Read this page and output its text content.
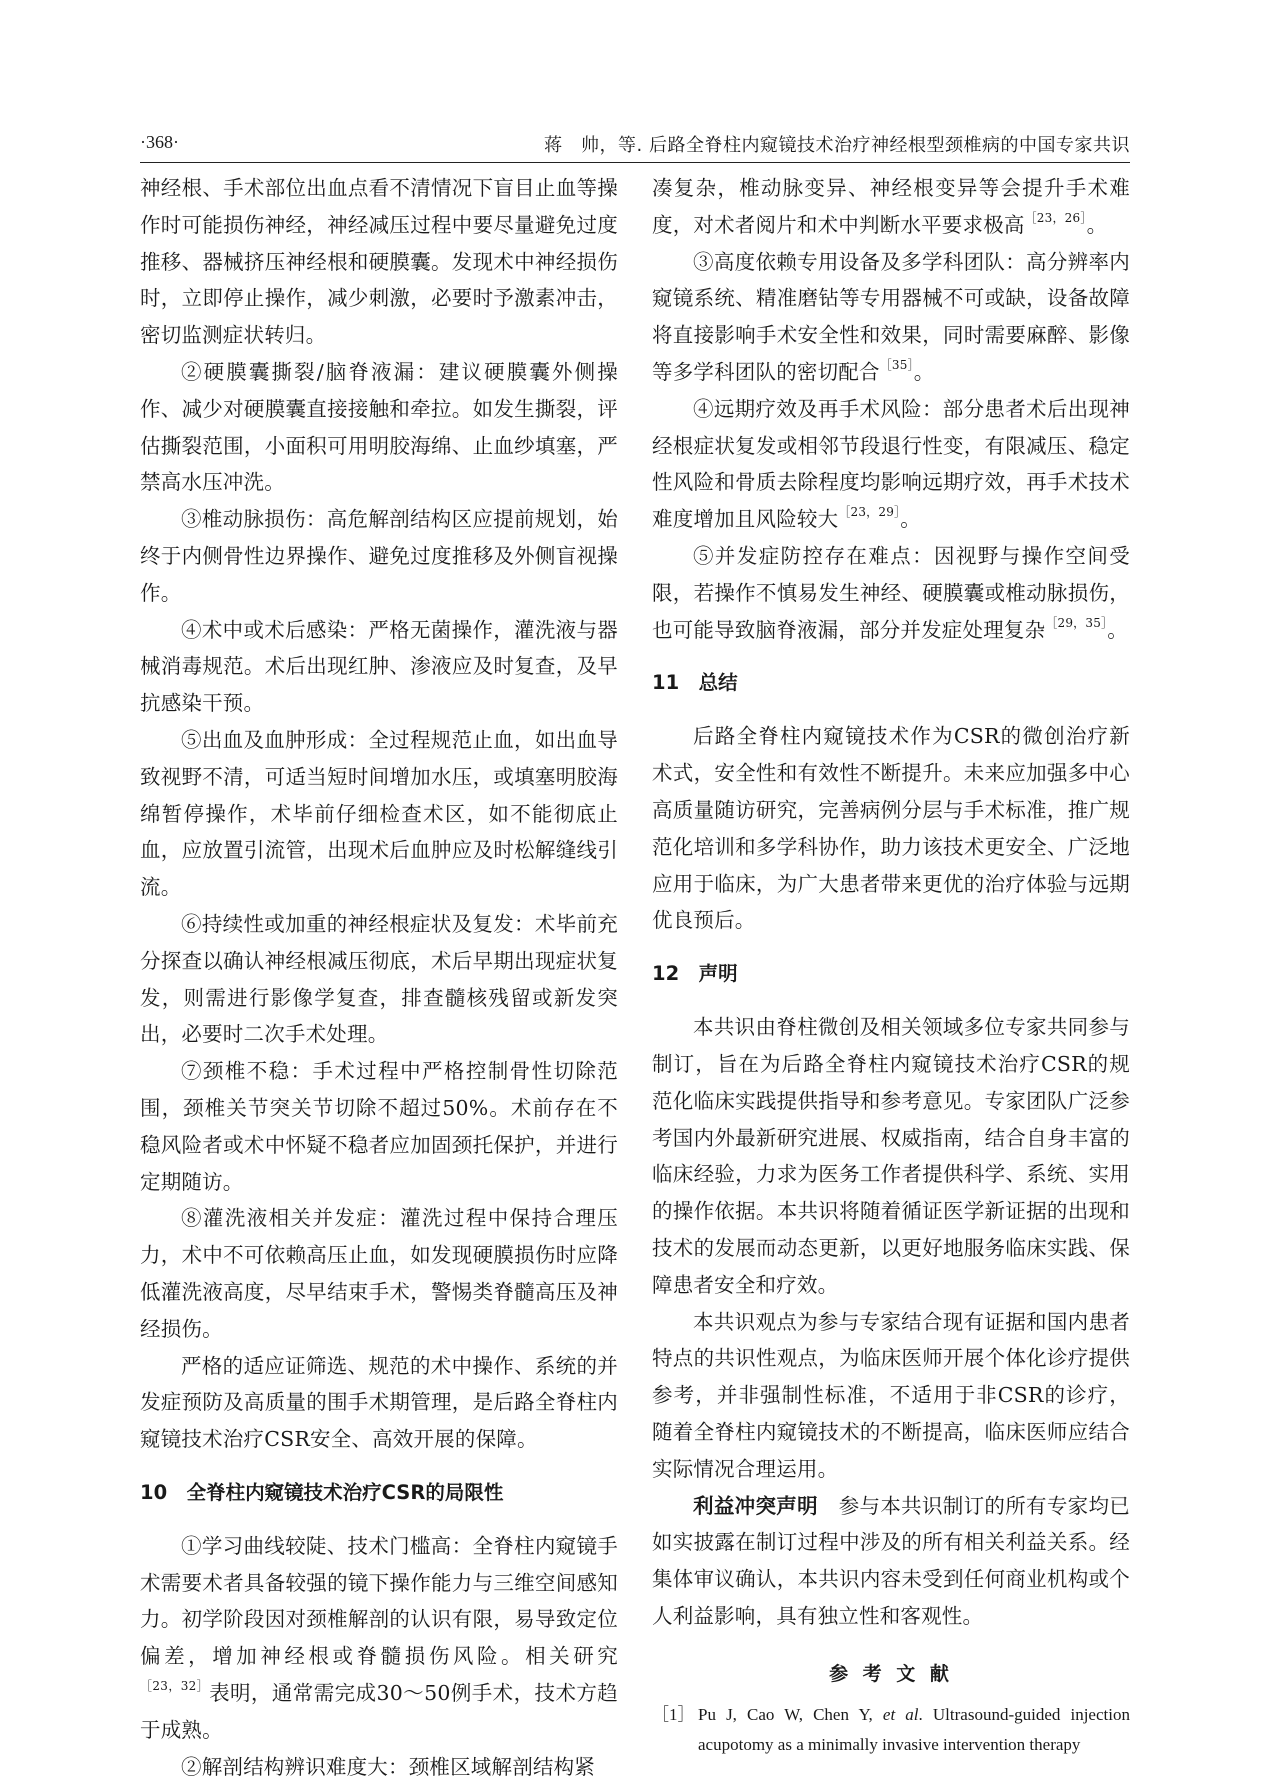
·368·	蒋　帅，等. 后路全脊柱内窥镜技术治疗神经根型颈椎病的中国专家共识

神经根、手术部位出血点看不清情况下盲目止血等操作时可能损伤神经，神经减压过程中要尽量避免过度推移、器械挤压神经根和硬膜囊。发现术中神经损伤时，立即停止操作，减少刺激，必要时予激素冲击，密切监测症状转归。

②硬膜囊撕裂/脑脊液漏：建议硬膜囊外侧操作、减少对硬膜囊直接接触和牵拉。如发生撕裂，评估撕裂范围，小面积可用明胶海绵、止血纱填塞，严禁高水压冲洗。

③椎动脉损伤：高危解剖结构区应提前规划，始终于内侧骨性边界操作、避免过度推移及外侧盲视操作。

④术中或术后感染：严格无菌操作，灌洗液与器械消毒规范。术后出现红肿、渗液应及时复查，及早抗感染干预。

⑤出血及血肿形成：全过程规范止血，如出血导致视野不清，可适当短时间增加水压，或填塞明胶海绵暂停操作，术毕前仔细检查术区，如不能彻底止血，应放置引流管，出现术后血肿应及时松解缝线引流。

⑥持续性或加重的神经根症状及复发：术毕前充分探查以确认神经根减压彻底，术后早期出现症状复发，则需进行影像学复查，排查髓核残留或新发突出，必要时二次手术处理。

⑦颈椎不稳：手术过程中严格控制骨性切除范围，颈椎关节突关节切除不超过50%。术前存在不稳风险者或术中怀疑不稳者应加固颈托保护，并进行定期随访。

⑧灌洗液相关并发症：灌洗过程中保持合理压力，术中不可依赖高压止血，如发现硬膜损伤时应降低灌洗液高度，尽早结束手术，警惕类脊髓高压及神经损伤。

严格的适应证筛选、规范的术中操作、系统的并发症预防及高质量的围手术期管理，是后路全脊柱内窥镜技术治疗CSR安全、高效开展的保障。

10　全脊柱内窥镜技术治疗CSR的局限性

①学习曲线较陡、技术门槛高：全脊柱内窥镜手术需要术者具备较强的镜下操作能力与三维空间感知力。初学阶段因对颈椎解剖的认识有限，易导致定位偏差，增加神经根或脊髓损伤风险。相关研究$^{[23,32]}$表明，通常需完成30～50例手术，技术方趋于成熟。

②解剖结构辨识难度大：颈椎区域解剖结构紧

凑复杂，椎动脉变异、神经根变异等会提升手术难度，对术者阅片和术中判断水平要求极高$^{[23,26]}$。

③高度依赖专用设备及多学科团队：高分辨率内窥镜系统、精准磨钻等专用器械不可或缺，设备故障将直接影响手术安全性和效果，同时需要麻醉、影像等多学科团队的密切配合$^{[35]}$。

④远期疗效及再手术风险：部分患者术后出现神经根症状复发或相邻节段退行性变，有限减压、稳定性风险和骨质去除程度均影响远期疗效，再手术技术难度增加且风险较大$^{[23,29]}$。

⑤并发症防控存在难点：因视野与操作空间受限，若操作不慎易发生神经、硬膜囊或椎动脉损伤，也可能导致脑脊液漏，部分并发症处理复杂$^{[29,35]}$。

11　总结

后路全脊柱内窥镜技术作为CSR的微创治疗新术式，安全性和有效性不断提升。未来应加强多中心高质量随访研究，完善病例分层与手术标准，推广规范化培训和多学科协作，助力该技术更安全、广泛地应用于临床，为广大患者带来更优的治疗体验与远期优良预后。

12　声明

本共识由脊柱微创及相关领域多位专家共同参与制订，旨在为后路全脊柱内窥镜技术治疗CSR的规范化临床实践提供指导和参考意见。专家团队广泛参考国内外最新研究进展、权威指南，结合自身丰富的临床经验，力求为医务工作者提供科学、系统、实用的操作依据。本共识将随着循证医学新证据的出现和技术的发展而动态更新，以更好地服务临床实践、保障患者安全和疗效。

本共识观点为参与专家结合现有证据和国内患者特点的共识性观点，为临床医师开展个体化诊疗提供参考，并非强制性标准，不适用于非CSR的诊疗，随着全脊柱内窥镜技术的不断提高，临床医师应结合实际情况合理运用。

利益冲突声明　参与本共识制订的所有专家均已如实披露在制订过程中涉及的所有相关利益关系。经集体审议确认，本共识内容未受到任何商业机构或个人利益影响，具有独立性和客观性。

参 考 文 献
［1］ Pu J, Cao W, Chen Y, et al. Ultrasound-guided injection acupotomy as a minimally invasive intervention therapy
